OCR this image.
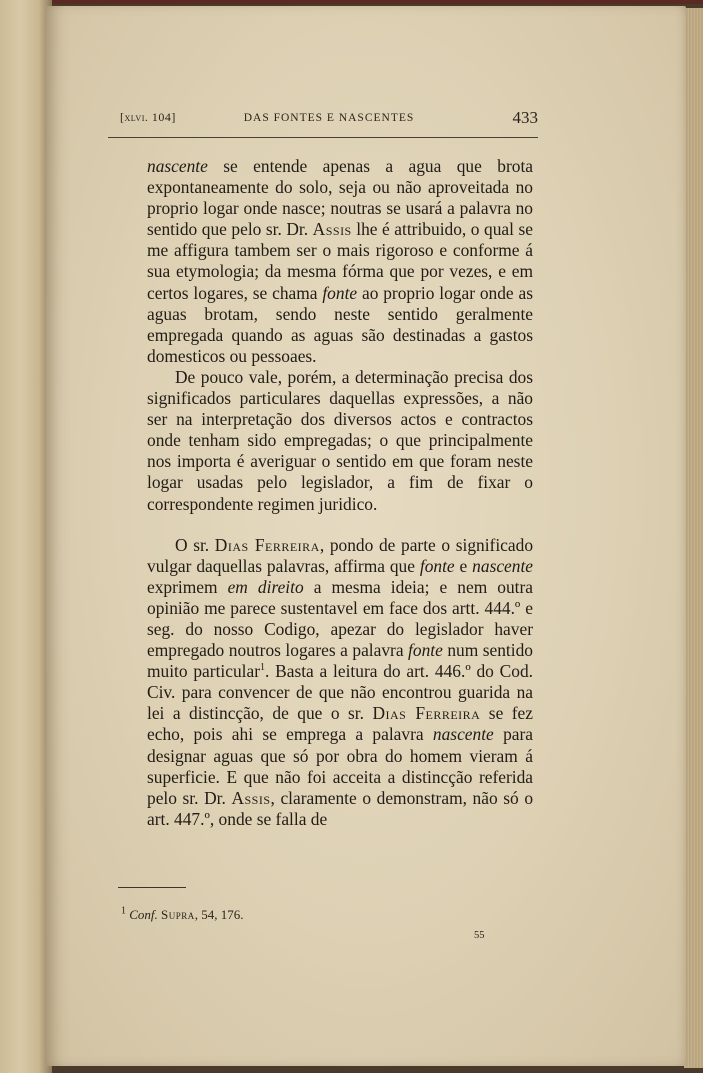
[xlvi. 104]	DAS FONTES E NASCENTES	433

nascente se entende apenas a agua que brota expontaneamente do solo, seja ou não aproveitada no proprio logar onde nasce; noutras se usará a palavra no sentido que pelo sr. Dr. Assis lhe é attribuido, o qual se me affigura tambem ser o mais rigoroso e conforme á sua etymologia; da mesma fórma que por vezes, e em certos logares, se chama fonte ao proprio logar onde as aguas brotam, sendo neste sentido geralmente empregada quando as aguas são destinadas a gastos domesticos ou pessoaes.

De pouco vale, porém, a determinação precisa dos significados particulares daquellas expressões, a não ser na interpretação dos diversos actos e contractos onde tenham sido empregadas; o que principalmente nos importa é averiguar o sentido em que foram neste logar usadas pelo legislador, a fim de fixar o correspondente regimen juridico.

O sr. Dias Ferreira, pondo de parte o significado vulgar daquellas palavras, affirma que fonte e nascente exprimem em direito a mesma ideia; e nem outra opinião me parece sustentavel em face dos artt. 444.º e seg. do nosso Codigo, apezar do legislador haver empregado noutros logares a palavra fonte num sentido muito particular$^1$. Basta a leitura do art. 446.º do Cod. Civ. para convencer de que não encontrou guarida na lei a distincção, de que o sr. Dias Ferreira se fez echo, pois ahi se emprega a palavra nascente para designar aguas que só por obra do homem vieram á superficie. E que não foi acceita a distincção referida pelo sr. Dr. Assis, claramente o demonstram, não só o art. 447.º, onde se falla de

$^1$ Conf. Supra, 54, 176.
55
